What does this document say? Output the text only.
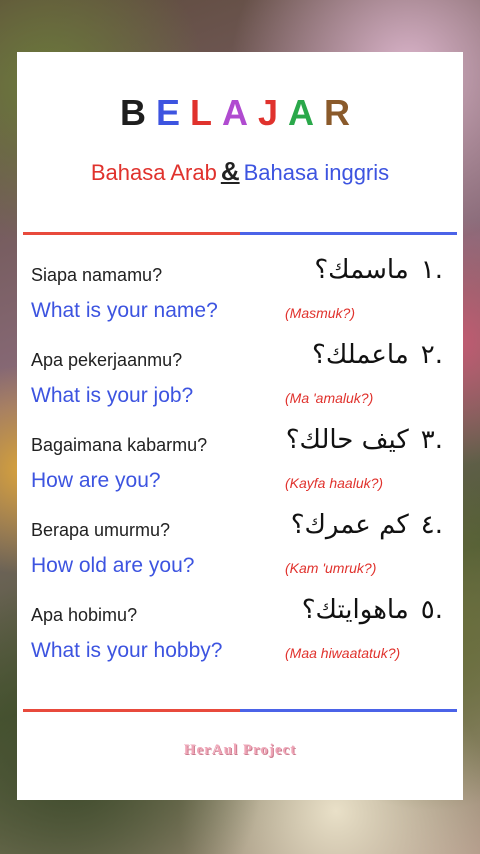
BELAJAR
Bahasa Arab & Bahasa inggris
Siapa namamu?	.١ماسمك؟
What is your name?	(Masmuk?)
Apa pekerjaanmu?	.٢ماعملك؟
What is your job?	(Ma 'amaluk?)
Bagaimana kabarmu?	.٣كيف حالك؟
How are you?	(Kayfa haaluk?)
Berapa umurmu?	.٤كم عمرك؟
How old are you?	(Kam 'umruk?)
Apa hobimu?	.٥ماهوايتك؟
What is your hobby?	(Maa hiwaatatuk?)
HerAul Project
